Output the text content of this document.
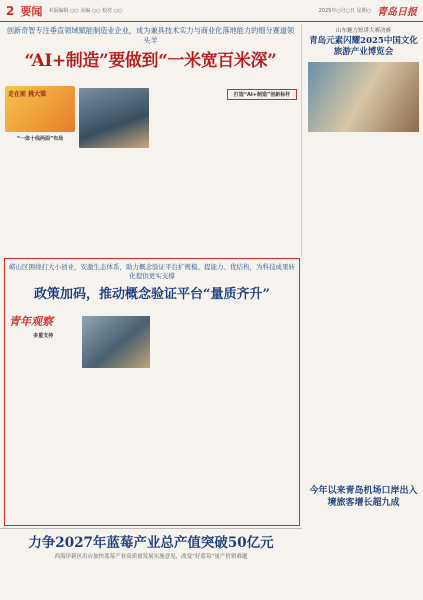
2 要闻 本版编辑 ○○ 美编 ○○ 校对 ○○	2025年○月○日 星期○ 青岛日报
创新奇智专注垂直领域赋能制造业企业，成为兼具技术实力与商业化落地能力的细分赛道领头羊
“AI+制造”要做到“一米宽百米深”
走在前 挑大梁
“一体十线两面”布局
打造“AI+制造”创新标杆
山东魅力短讲大赛决赛
青岛元素闪耀2025中国文化旅游产业博览会
今年以来青岛机场口岸出入境旅客增长超九成
崂山区围绕打大小创业，安激生态体系，助力概念验证平台扩规模、提能力、优结构，为科技成果转化提供更实支撑
政策加码，推动概念验证平台“量质齐升”
青年观察
多重支持
力争2027年蓝莓产业总产值突破50亿元
西海岸新区出台加快蓝莓产业高质量发展实施意见，改变“好蓝莓”量产价销难题
